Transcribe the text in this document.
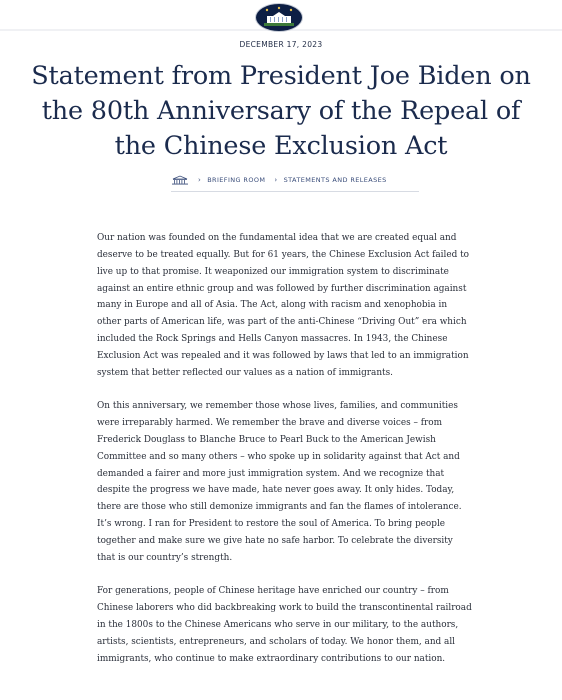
DECEMBER 17, 2023
Statement from President Joe Biden on the 80th Anniversary of the Repeal of the Chinese Exclusion Act
› BRIEFING ROOM › STATEMENTS AND RELEASES

Our nation was founded on the fundamental idea that we are created equal and deserve to be treated equally. But for 61 years, the Chinese Exclusion Act failed to live up to that promise. It weaponized our immigration system to discriminate against an entire ethnic group and was followed by further discrimination against many in Europe and all of Asia. The Act, along with racism and xenophobia in other parts of American life, was part of the anti-Chinese “Driving Out” era which included the Rock Springs and Hells Canyon massacres. In 1943, the Chinese Exclusion Act was repealed and it was followed by laws that led to an immigration system that better reflected our values as a nation of immigrants.

On this anniversary, we remember those whose lives, families, and communities were irreparably harmed. We remember the brave and diverse voices – from Frederick Douglass to Blanche Bruce to Pearl Buck to the American Jewish Committee and so many others – who spoke up in solidarity against that Act and demanded a fairer and more just immigration system. And we recognize that despite the progress we have made, hate never goes away. It only hides. Today, there are those who still demonize immigrants and fan the flames of intolerance. It’s wrong. I ran for President to restore the soul of America. To bring people together and make sure we give hate no safe harbor. To celebrate the diversity that is our country’s strength.

For generations, people of Chinese heritage have enriched our country – from Chinese laborers who did backbreaking work to build the transcontinental railroad in the 1800s to the Chinese Americans who serve in our military, to the authors, artists, scientists, entrepreneurs, and scholars of today. We honor them, and all immigrants, who continue to make extraordinary contributions to our nation.
